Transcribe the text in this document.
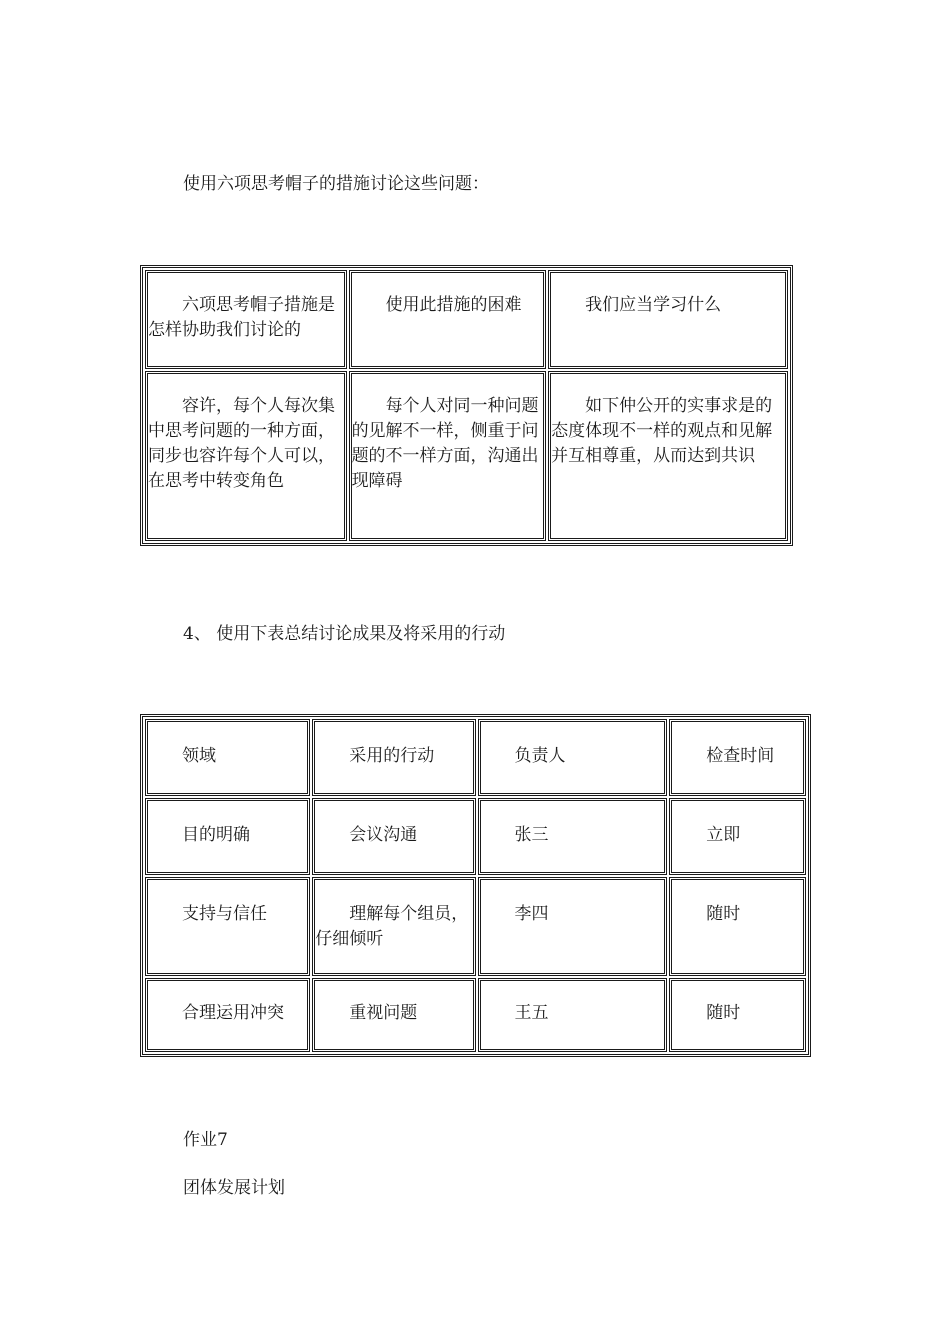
使用六项思考帽子的措施讨论这些问题：
六项思考帽子措施是怎样协助我们讨论的	使用此措施的困难	我们应当学习什么

容许，每个人每次集中思考问题的一种方面，同步也容许每个人可以，在思考中转变角色	每个人对同一种问题的见解不一样，侧重于问题的不一样方面，沟通出现障碍	如下仲公开的实事求是的态度体现不一样的观点和见解并互相尊重，从而达到共识
4、 使用下表总结讨论成果及将采用的行动
领域	采用的行动	负责人	检查时间

目的明确	会议沟通	张三	立即

支持与信任	理解每个组员，仔细倾听	李四	随时

合理运用冲突	重视问题	王五	随时
作业7
团体发展计划
